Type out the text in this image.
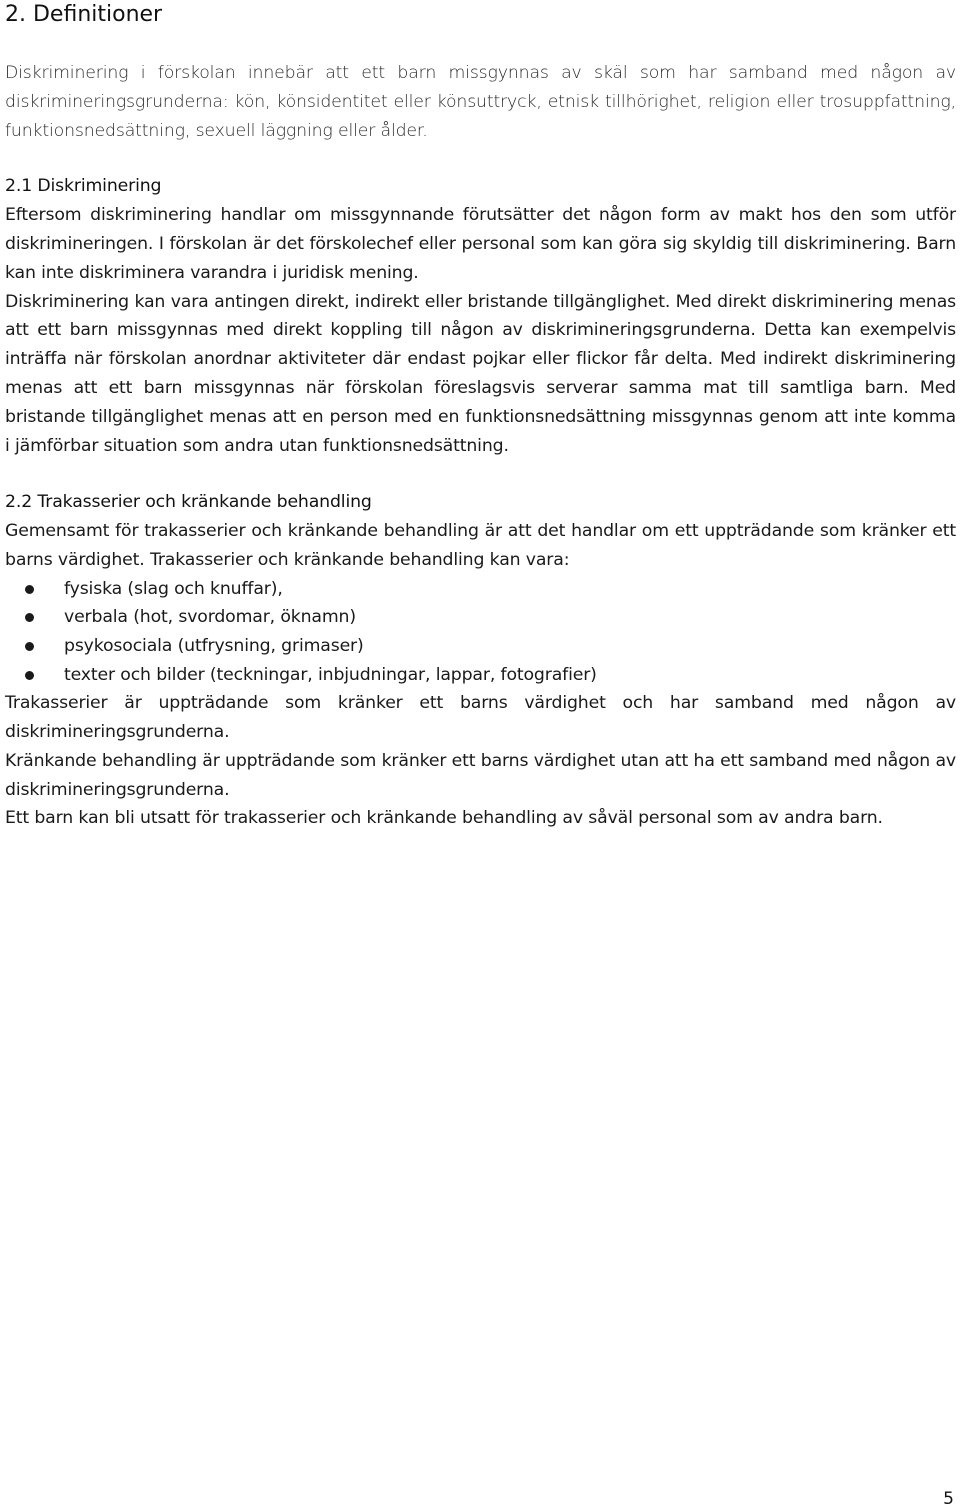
2. Definitioner

Diskriminering i förskolan innebär att ett barn missgynnas av skäl som har samband med någon av diskrimineringsgrunderna: kön, könsidentitet eller könsuttryck, etnisk tillhörighet, religion eller trosuppfattning, funktionsnedsättning, sexuell läggning eller ålder.

2.1 Diskriminering

Eftersom diskriminering handlar om missgynnande förutsätter det någon form av makt hos den som utför diskrimineringen. I förskolan är det förskolechef eller personal som kan göra sig skyldig till diskriminering. Barn kan inte diskriminera varandra i juridisk mening.

Diskriminering kan vara antingen direkt, indirekt eller bristande tillgänglighet. Med direkt diskriminering menas att ett barn missgynnas med direkt koppling till någon av diskrimineringsgrunderna. Detta kan exempelvis inträffa när förskolan anordnar aktiviteter där endast pojkar eller flickor får delta. Med indirekt diskriminering menas att ett barn missgynnas när förskolan föreslagsvis serverar samma mat till samtliga barn. Med bristande tillgänglighet menas att en person med en funktionsnedsättning missgynnas genom att inte komma i jämförbar situation som andra utan funktionsnedsättning.

2.2 Trakasserier och kränkande behandling

Gemensamt för trakasserier och kränkande behandling är att det handlar om ett uppträdande som kränker ett barns värdighet. Trakasserier och kränkande behandling kan vara:

fysiska (slag och knuffar),
verbala (hot, svordomar, öknamn)
psykosociala (utfrysning, grimaser)
texter och bilder (teckningar, inbjudningar, lappar, fotografier)

Trakasserier är uppträdande som kränker ett barns värdighet och har samband med någon av diskrimineringsgrunderna.

Kränkande behandling är uppträdande som kränker ett barns värdighet utan att ha ett samband med någon av diskrimineringsgrunderna.

Ett barn kan bli utsatt för trakasserier och kränkande behandling av såväl personal som av andra barn.

5
